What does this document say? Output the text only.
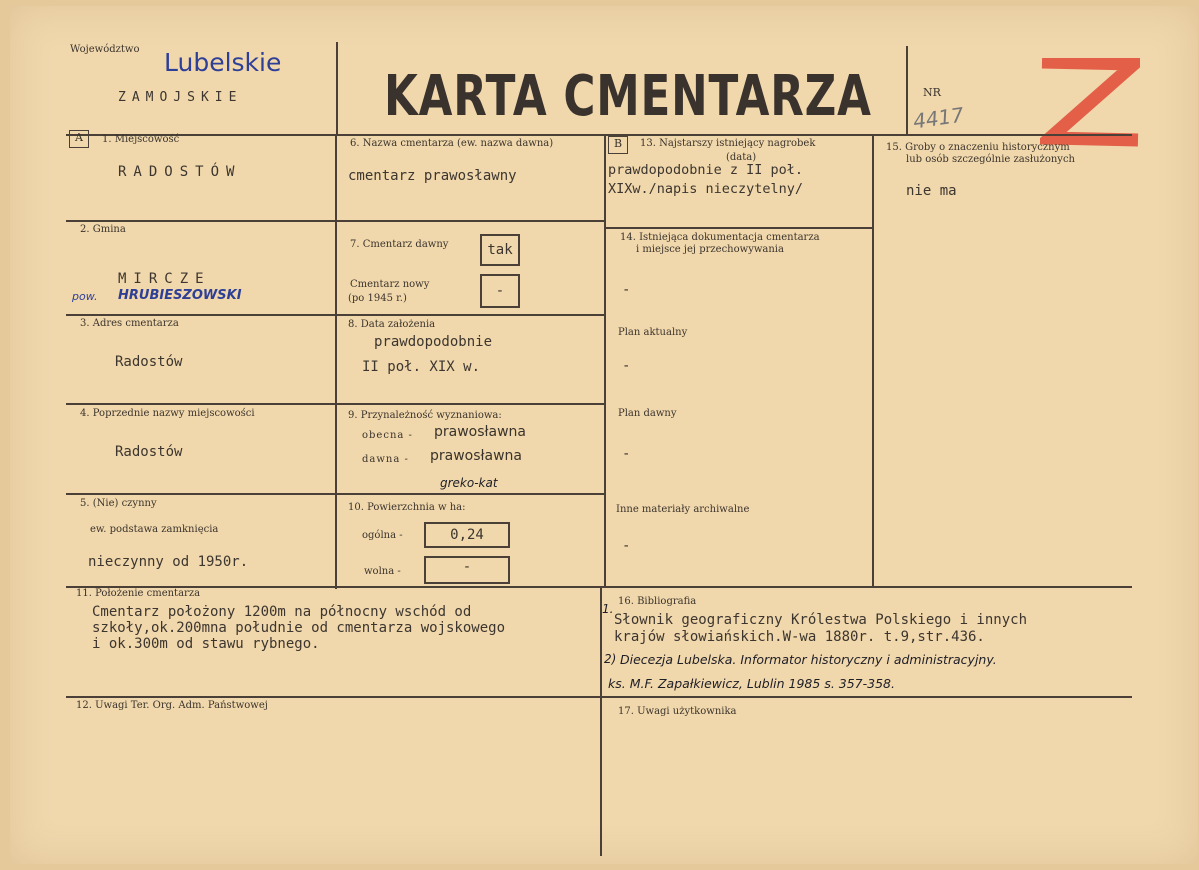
Województwo Lubelskie
ZAMOJSKIE	KARTA CMENTARZA	NR
4417
A	1. Miejscowość
RADOSTÓW
2. Gmina
MIRCZE
pow. HRUBIESZOWSKI
3. Adres cmentarza
Radostów
4. Poprzednie nazwy miejscowości
Radostów
5. (Nie) czynny
ew. podstawa zamknięcia
nieczynny od 1950r.
6. Nazwa cmentarza (ew. nazwa dawna)
cmentarz prawosławny
7. Cmentarz dawny	tak
Cmentarz nowy
(po 1945 r.)	-
8. Data założenia
prawdopodobnie
II poł. XIX w.
9. Przynależność wyznaniowa:
obecna - prawosławna
dawna - prawosławna
greko-kat
10. Powierzchnia w ha:
ogólna -	0,24
wolna -	-
B	13. Najstarszy istniejący nagrobek
(data)
prawdopodobnie z II poł.
XIXw./napis nieczytelny/
14. Istniejąca dokumentacja cmentarza
i miejsce jej przechowywania
-
Plan aktualny
-
Plan dawny
-
Inne materiały archiwalne
-
15. Groby o znaczeniu historycznym
lub osób szczególnie zasłużonych
nie ma
11. Położenie cmentarza
Cmentarz położony 1200m na północny wschód od
szkoły,ok.200mna południe od cmentarza wojskowego
i ok.300m od stawu rybnego.
16. Bibliografia
1.
Słownik geograficzny Królestwa Polskiego i innych
krajów słowiańskich.W-wa 1880r. t.9,str.436.
2) Diecezja Lubelska. Informator historyczny i administracyjny.
ks. M.F. Zapałkiewicz, Lublin 1985 s. 357-358.
12. Uwagi Ter. Org. Adm. Państwowej
17. Uwagi użytkownika
